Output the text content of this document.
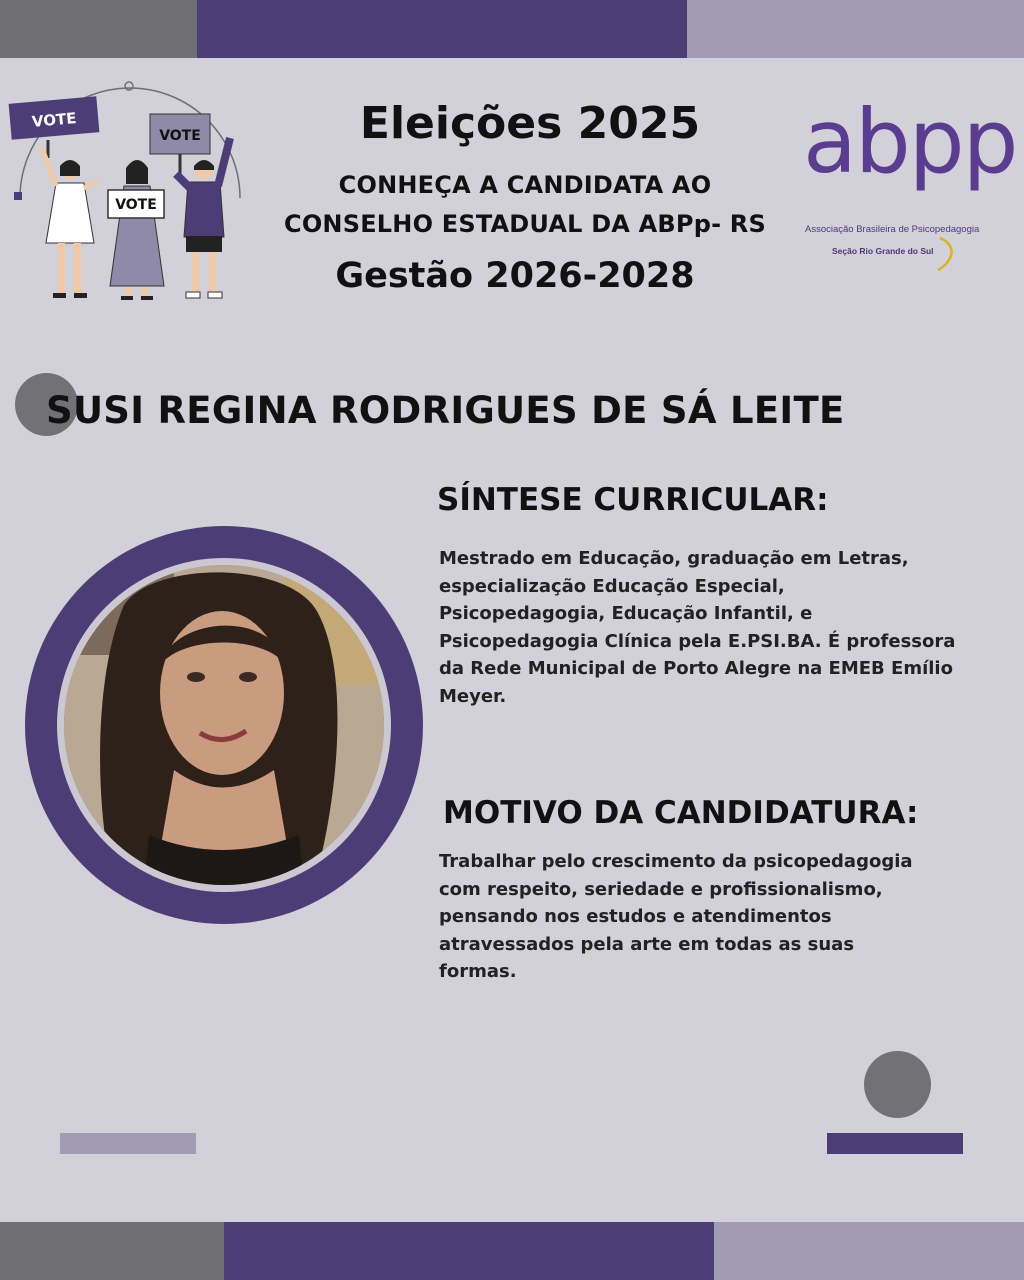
VOTE
VOTE
VOTE	Eleições 2025
CONHEÇA A CANDIDATA AO
CONSELHO ESTADUAL DA ABPp- RS
Gestão 2026-2028
abpp
Associação Brasileira de Psicopedagogia
Seção Rio Grande do Sul
SUSI REGINA RODRIGUES DE SÁ LEITE
SÍNTESE CURRICULAR:
Mestrado em Educação, graduação em Letras,
especialização Educação Especial,
Psicopedagogia, Educação Infantil, e
Psicopedagogia Clínica pela E.PSI.BA. É professora
da Rede Municipal de Porto Alegre na EMEB Emílio
Meyer.
MOTIVO DA CANDIDATURA:
Trabalhar pelo crescimento da psicopedagogia
com respeito, seriedade e profissionalismo,
pensando nos estudos e atendimentos
atravessados pela arte em todas as suas
formas.
